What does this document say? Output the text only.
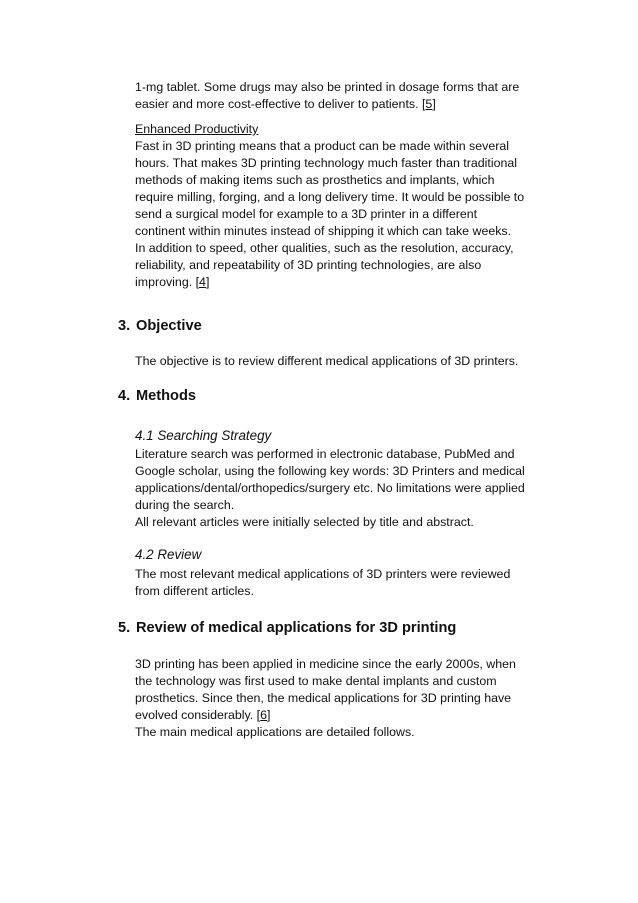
1-mg tablet. Some drugs may also be printed in dosage forms that are
easier and more cost-effective to deliver to patients. [5]
Enhanced Productivity
Fast in 3D printing means that a product can be made within several
hours. That makes 3D printing technology much faster than traditional
methods of making items such as prosthetics and implants, which
require milling, forging, and a long delivery time. It would be possible to
send a surgical model for example to a 3D printer in a different
continent within minutes instead of shipping it which can take weeks.
In addition to speed, other qualities, such as the resolution, accuracy,
reliability, and repeatability of 3D printing technologies, are also
improving. [4]
3. Objective
The objective is to review different medical applications of 3D printers.
4. Methods
4.1 Searching Strategy
Literature search was performed in electronic database, PubMed and
Google scholar, using the following key words: 3D Printers and medical
applications/dental/orthopedics/surgery etc. No limitations were applied
during the search.
All relevant articles were initially selected by title and abstract.
4.2 Review
The most relevant medical applications of 3D printers were reviewed
from different articles.
5. Review of medical applications for 3D printing
3D printing has been applied in medicine since the early 2000s, when
the technology was first used to make dental implants and custom
prosthetics. Since then, the medical applications for 3D printing have
evolved considerably. [6]
The main medical applications are detailed follows.
